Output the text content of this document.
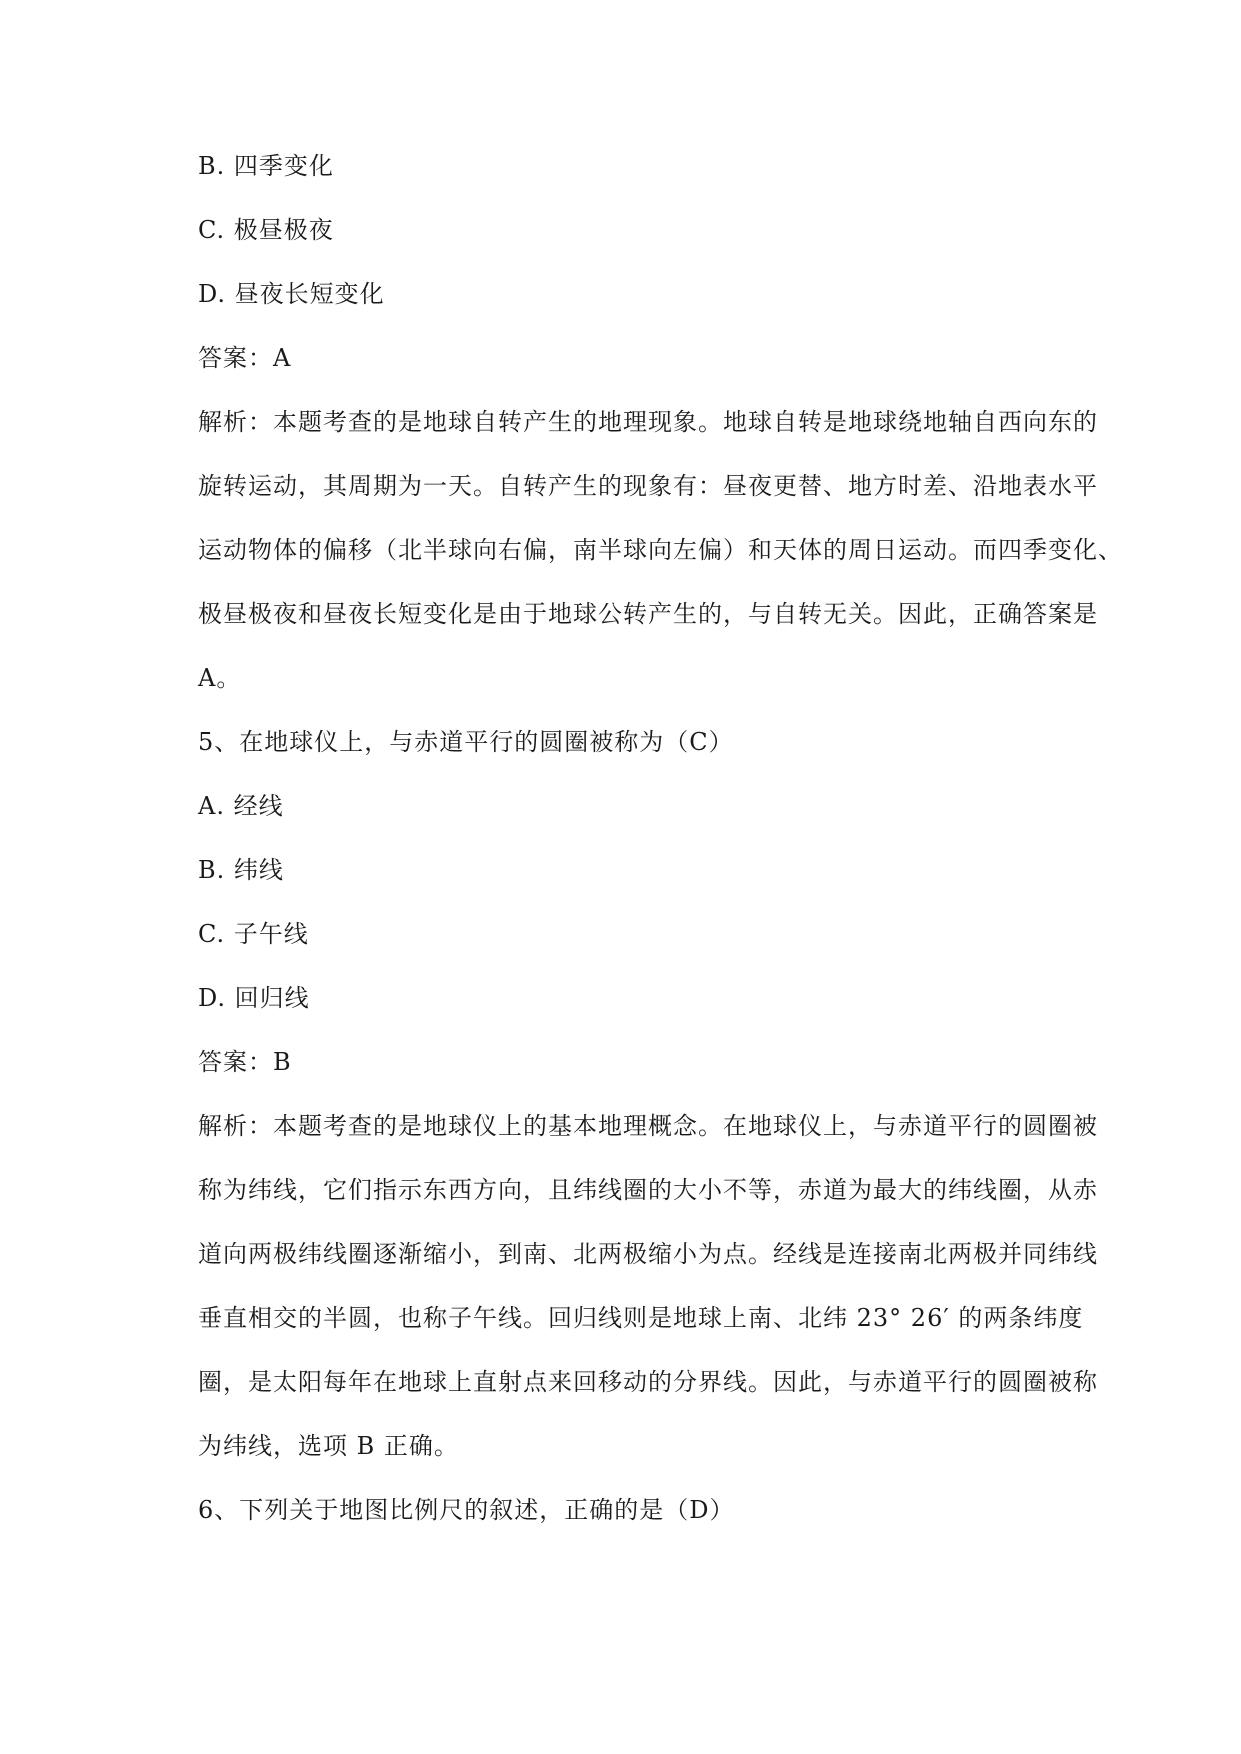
B. 四季变化
C. 极昼极夜
D. 昼夜长短变化
答案：A
解析：本题考查的是地球自转产生的地理现象。地球自转是地球绕地轴自西向东的
旋转运动，其周期为一天。自转产生的现象有：昼夜更替、地方时差、沿地表水平
运动物体的偏移（北半球向右偏，南半球向左偏）和天体的周日运动。而四季变化、
极昼极夜和昼夜长短变化是由于地球公转产生的，与自转无关。因此，正确答案是
A。
5、在地球仪上，与赤道平行的圆圈被称为（C）
A. 经线
B. 纬线
C. 子午线
D. 回归线
答案：B
解析：本题考查的是地球仪上的基本地理概念。在地球仪上，与赤道平行的圆圈被
称为纬线，它们指示东西方向，且纬线圈的大小不等，赤道为最大的纬线圈，从赤
道向两极纬线圈逐渐缩小，到南、北两极缩小为点。经线是连接南北两极并同纬线
垂直相交的半圆，也称子午线。回归线则是地球上南、北纬 23° 26′ 的两条纬度
圈，是太阳每年在地球上直射点来回移动的分界线。因此，与赤道平行的圆圈被称
为纬线，选项 B 正确。
6、下列关于地图比例尺的叙述，正确的是（D）
